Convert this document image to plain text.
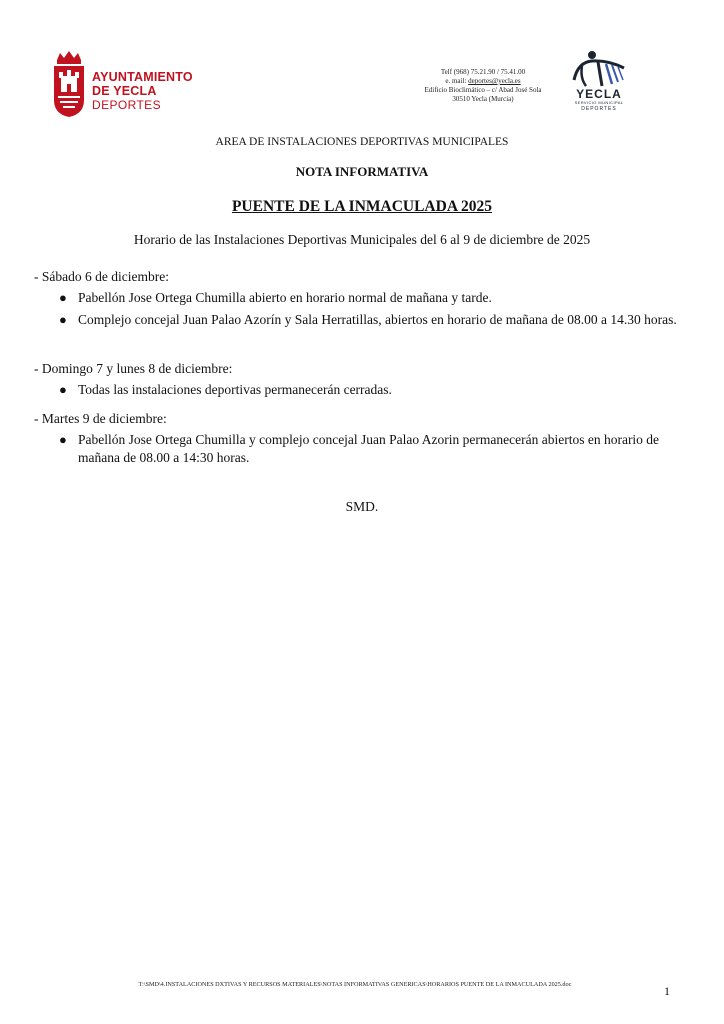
AYUNTAMIENTO
DE YECLA
DEPORTES
Telf (968) 75.21.90 / 75.41.00
e. mail: deportes@yecla.es
Edificio Bioclimático – c/ Abad José Sola
30510 Yecla (Murcia)	YECLA
SERVICIO MUNICIPAL
DEPORTES
AREA DE INSTALACIONES DEPORTIVAS MUNICIPALES
NOTA INFORMATIVA
PUENTE DE LA INMACULADA 2025
Horario de las Instalaciones Deportivas Municipales del 6 al 9 de diciembre de 2025

- Sábado 6 de diciembre:

● Pabellón Jose Ortega Chumilla abierto en horario normal de mañana y tarde.
● Complejo concejal Juan Palao Azorín y Sala Herratillas, abiertos en horario de mañana de 08.00 a 14.30 horas.

- Domingo 7 y lunes 8 de diciembre:

● Todas las instalaciones deportivas permanecerán cerradas.

- Martes 9 de diciembre:

● Pabellón Jose Ortega Chumilla y complejo concejal Juan Palao Azorin permanecerán abiertos en horario de mañana de 08.00 a 14:30 horas.
SMD.
T:\SMD\4.INSTALACIONES DXTIVAS Y RECURSOS MATERIALES\NOTAS INFORMATIVAS GENERICAS\HORARIOS PUENTE DE LA INMACULADA 2025.doc	1
